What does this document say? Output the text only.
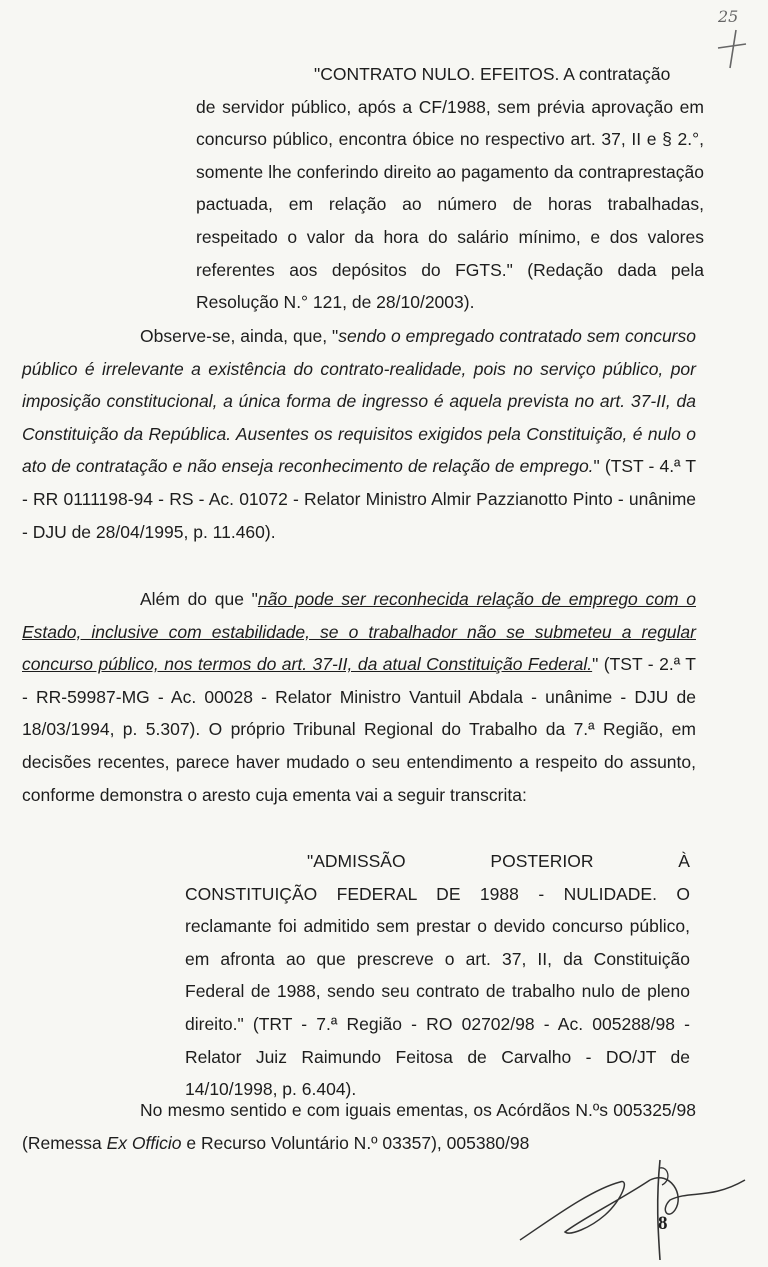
25
"CONTRATO NULO. EFEITOS. A contratação
de servidor público, após a CF/1988, sem prévia aprovação em concurso público, encontra óbice no respectivo art. 37, II e § 2.°, somente lhe conferindo direito ao pagamento da contraprestação pactuada, em relação ao número de horas trabalhadas, respeitado o valor da hora do salário mínimo, e dos valores referentes aos depósitos do FGTS." (Redação dada pela Resolução N.° 121, de 28/10/2003).
Observe-se, ainda, que, "sendo o empregado contratado sem concurso público é irrelevante a existência do contrato-realidade, pois no serviço público, por imposição constitucional, a única forma de ingresso é aquela prevista no art. 37-II, da Constituição da República. Ausentes os requisitos exigidos pela Constituição, é nulo o ato de contratação e não enseja reconhecimento de relação de emprego." (TST - 4.ª T - RR 0111198-94 - RS - Ac. 01072 - Relator Ministro Almir Pazzianotto Pinto - unânime - DJU de 28/04/1995, p. 11.460).
Além do que "não pode ser reconhecida relação de emprego com o Estado, inclusive com estabilidade, se o trabalhador não se submeteu a regular concurso público, nos termos do art. 37-II, da atual Constituição Federal." (TST - 2.ª T - RR-59987-MG - Ac. 00028 - Relator Ministro Vantuil Abdala - unânime - DJU de 18/03/1994, p. 5.307). O próprio Tribunal Regional do Trabalho da 7.ª Região, em decisões recentes, parece haver mudado o seu entendimento a respeito do assunto, conforme demonstra o aresto cuja ementa vai a seguir transcrita:
"ADMISSÃO	POSTERIOR	À
CONSTITUIÇÃO FEDERAL DE 1988 - NULIDADE. O reclamante foi admitido sem prestar o devido concurso público, em afronta ao que prescreve o art. 37, II, da Constituição Federal de 1988, sendo seu contrato de trabalho nulo de pleno direito." (TRT - 7.ª Região - RO 02702/98 - Ac. 005288/98 - Relator Juiz Raimundo Feitosa de Carvalho - DO/JT de 14/10/1998, p. 6.404).
No mesmo sentido e com iguais ementas, os Acórdãos N.ºs 005325/98 (Remessa Ex Officio e Recurso Voluntário N.º 03357), 005380/98
8
